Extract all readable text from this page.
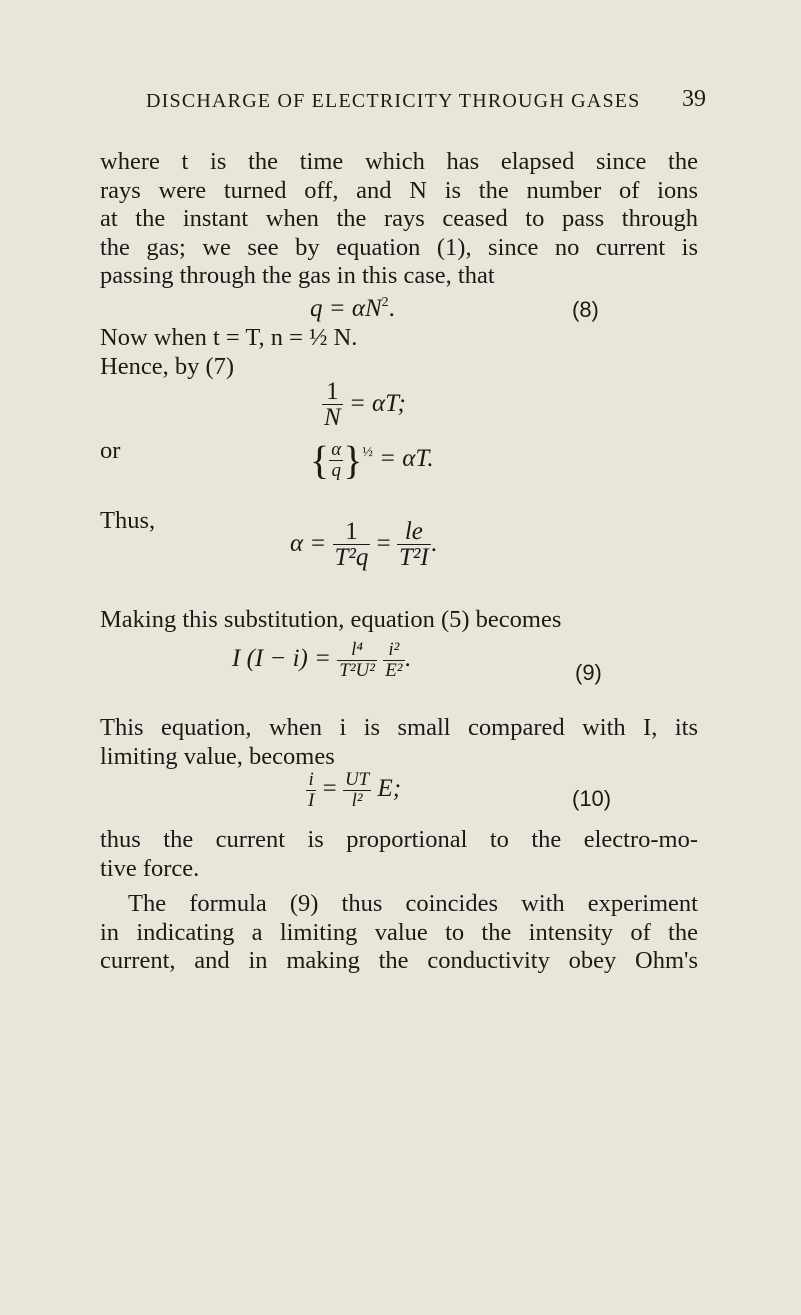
DISCHARGE OF ELECTRICITY THROUGH GASES 39
where t is the time which has elapsed since the
rays were turned off, and N is the number of ions
at the instant when the rays ceased to pass through
the gas; we see by equation (1), since no current is
passing through the gas in this case, that
$q = \alpha N^2$.	(8)
Now when t = T, n = ½ N.
Hence, by (7)
$\frac{1}{N} = \alpha T$;
or	{ $\frac{\alpha}{q} \}^{\frac{1}{2}} = \alpha T$.
Thus,
$\alpha = \frac{1}{\text{T²q}} = \frac{le}{\text{T²I}}$ .
Making this substitution, equation (5) becomes
I $(I - i) = \frac{\text{l⁴}}{\text{T²U²}}$
$\frac{\text{i²}}{\text{E²}}$ .
(9)
This equation, when i is small compared with I, its
limiting value, becomes
$\frac{i}{I} = \frac{UT}{\text{l²}} E$;	(10)
thus the current is proportional to the electro-mo-
tive force.
The formula (9) thus coincides with experiment
in indicating a limiting value to the intensity of the
current, and in making the conductivity obey Ohm's
